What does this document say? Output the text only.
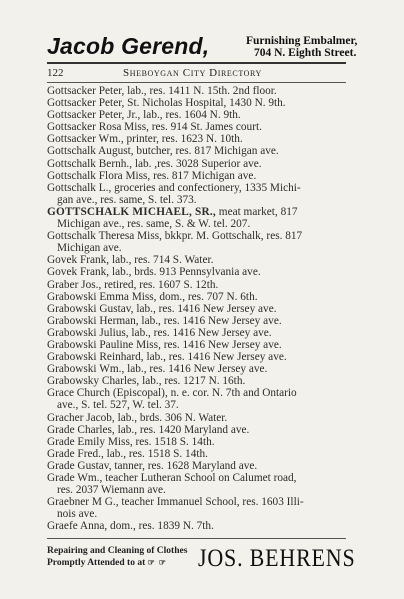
Jacob Gerend,	Furnishing Embalmer,
704 N. Eighth Street.
122	Sheboygan City Directory
Gottsacker Peter, lab., res. 1411 N. 15th. 2nd floor.
Gottsacker Peter, St. Nicholas Hospital, 1430 N. 9th.
Gottsacker Peter, Jr., lab., res. 1604 N. 9th.
Gottsacker Rosa Miss, res. 914 St. James court.
Gottsacker Wm., printer, res. 1623 N. 10th.
Gottschalk August, butcher, res. 817 Michigan ave.
Gottschalk Bernh., lab. ,res. 3028 Superior ave.
Gottschalk Flora Miss, res. 817 Michigan ave.
Gottschalk L., groceries and confectionery, 1335 Michi-
gan ave., res. same, S. tel. 373.
GOTTSCHALK MICHAEL, SR., meat market, 817
Michigan ave., res. same, S. & W. tel. 207.
Gottschalk Theresa Miss, bkkpr. M. Gottschalk, res. 817
Michigan ave.
Govek Frank, lab., res. 714 S. Water.
Govek Frank, lab., brds. 913 Pennsylvania ave.
Graber Jos., retired, res. 1607 S. 12th.
Grabowski Emma Miss, dom., res. 707 N. 6th.
Grabowski Gustav, lab., res. 1416 New Jersey ave.
Grabowski Herman, lab., res. 1416 New Jersey ave.
Grabowski Julius, lab., res. 1416 New Jersey ave.
Grabowski Pauline Miss, res. 1416 New Jersey ave.
Grabowski Reinhard, lab., res. 1416 New Jersey ave.
Grabowski Wm., lab., res. 1416 New Jersey ave.
Grabowsky Charles, lab., res. 1217 N. 16th.
Grace Church (Episcopal), n. e. cor. N. 7th and Ontario
ave., S. tel. 527, W. tel. 37.
Gracher Jacob, lab., brds. 306 N. Water.
Grade Charles, lab., res. 1420 Maryland ave.
Grade Emily Miss, res. 1518 S. 14th.
Grade Fred., lab., res. 1518 S. 14th.
Grade Gustav, tanner, res. 1628 Maryland ave.
Grade Wm., teacher Lutheran School on Calumet road,
res. 2037 Wiemann ave.
Graebner M G., teacher Immanuel School, res. 1603 Illi-
nois ave.
Graefe Anna, dom., res. 1839 N. 7th.
Repairing and Cleaning of Clothes
Promptly Attended to at ☞ ☞ JOS. BEHRENS
